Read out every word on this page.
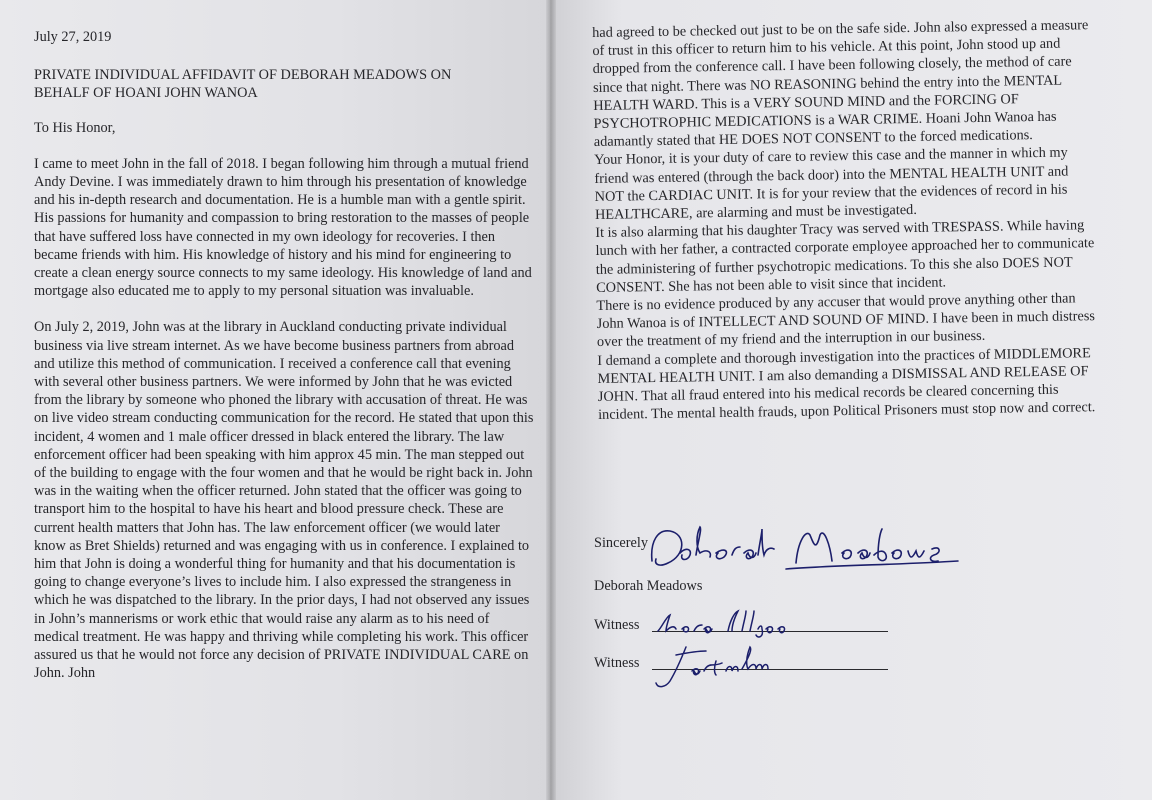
July 27, 2019

PRIVATE INDIVIDUAL AFFIDAVIT OF DEBORAH MEADOWS ON
BEHALF OF HOANI JOHN WANOA

To His Honor,

I came to meet John in the fall of 2018. I began following him through a mutual friend Andy Devine. I was immediately drawn to him through his presentation of knowledge and his in-depth research and documentation. He is a humble man with a gentle spirit. His passions for humanity and compassion to bring restoration to the masses of people that have suffered loss have connected in my own ideology for recoveries. I then became friends with him. His knowledge of history and his mind for engineering to create a clean energy source connects to my same ideology. His knowledge of land and mortgage also educated me to apply to my personal situation was invaluable.

On July 2, 2019, John was at the library in Auckland conducting private individual business via live stream internet. As we have become business partners from abroad and utilize this method of communication. I received a conference call that evening with several other business partners. We were informed by John that he was evicted from the library by someone who phoned the library with accusation of threat. He was on live video stream conducting communication for the record. He stated that upon this incident, 4 women and 1 male officer dressed in black entered the library. The law enforcement officer had been speaking with him approx 45 min. The man stepped out of the building to engage with the four women and that he would be right back in. John was in the waiting when the officer returned. John stated that the officer was going to transport him to the hospital to have his heart and blood pressure check. These are current health matters that John has. The law enforcement officer (we would later know as Bret Shields) returned and was engaging with us in conference. I explained to him that John is doing a wonderful thing for humanity and that his documentation is going to change everyone’s lives to include him. I also expressed the strangeness in which he was dispatched to the library. In the prior days, I had not observed any issues in John’s mannerisms or work ethic that would raise any alarm as to his need of medical treatment. He was happy and thriving while completing his work. This officer assured us that he would not force any decision of PRIVATE INDIVIDUAL CARE on John. John

had agreed to be checked out just to be on the safe side. John also expressed a measure of trust in this officer to return him to his vehicle. At this point, John stood up and dropped from the conference call. I have been following closely, the method of care since that night. There was NO REASONING behind the entry into the MENTAL HEALTH WARD. This is a VERY SOUND MIND and the FORCING OF PSYCHOTROPHIC MEDICATIONS is a WAR CRIME. Hoani John Wanoa has adamantly stated that HE DOES NOT CONSENT to the forced medications.

Your Honor, it is your duty of care to review this case and the manner in which my friend was entered (through the back door) into the MENTAL HEALTH UNIT and NOT the CARDIAC UNIT. It is for your review that the evidences of record in his HEALTHCARE, are alarming and must be investigated.

It is also alarming that his daughter Tracy was served with TRESPASS. While having lunch with her father, a contracted corporate employee approached her to communicate the administering of further psychotropic medications. To this she also DOES NOT CONSENT. She has not been able to visit since that incident.

There is no evidence produced by any accuser that would prove anything other than John Wanoa is of INTELLECT AND SOUND OF MIND. I have been in much distress over the treatment of my friend and the interruption in our business.

I demand a complete and thorough investigation into the practices of MIDDLEMORE MENTAL HEALTH UNIT. I am also demanding a DISMISSAL AND RELEASE OF JOHN. That all fraud entered into his medical records be cleared concerning this incident. The mental health frauds, upon Political Prisoners must stop now and correct.

Sincerely
Deborah Meadows
Witness
Witness
